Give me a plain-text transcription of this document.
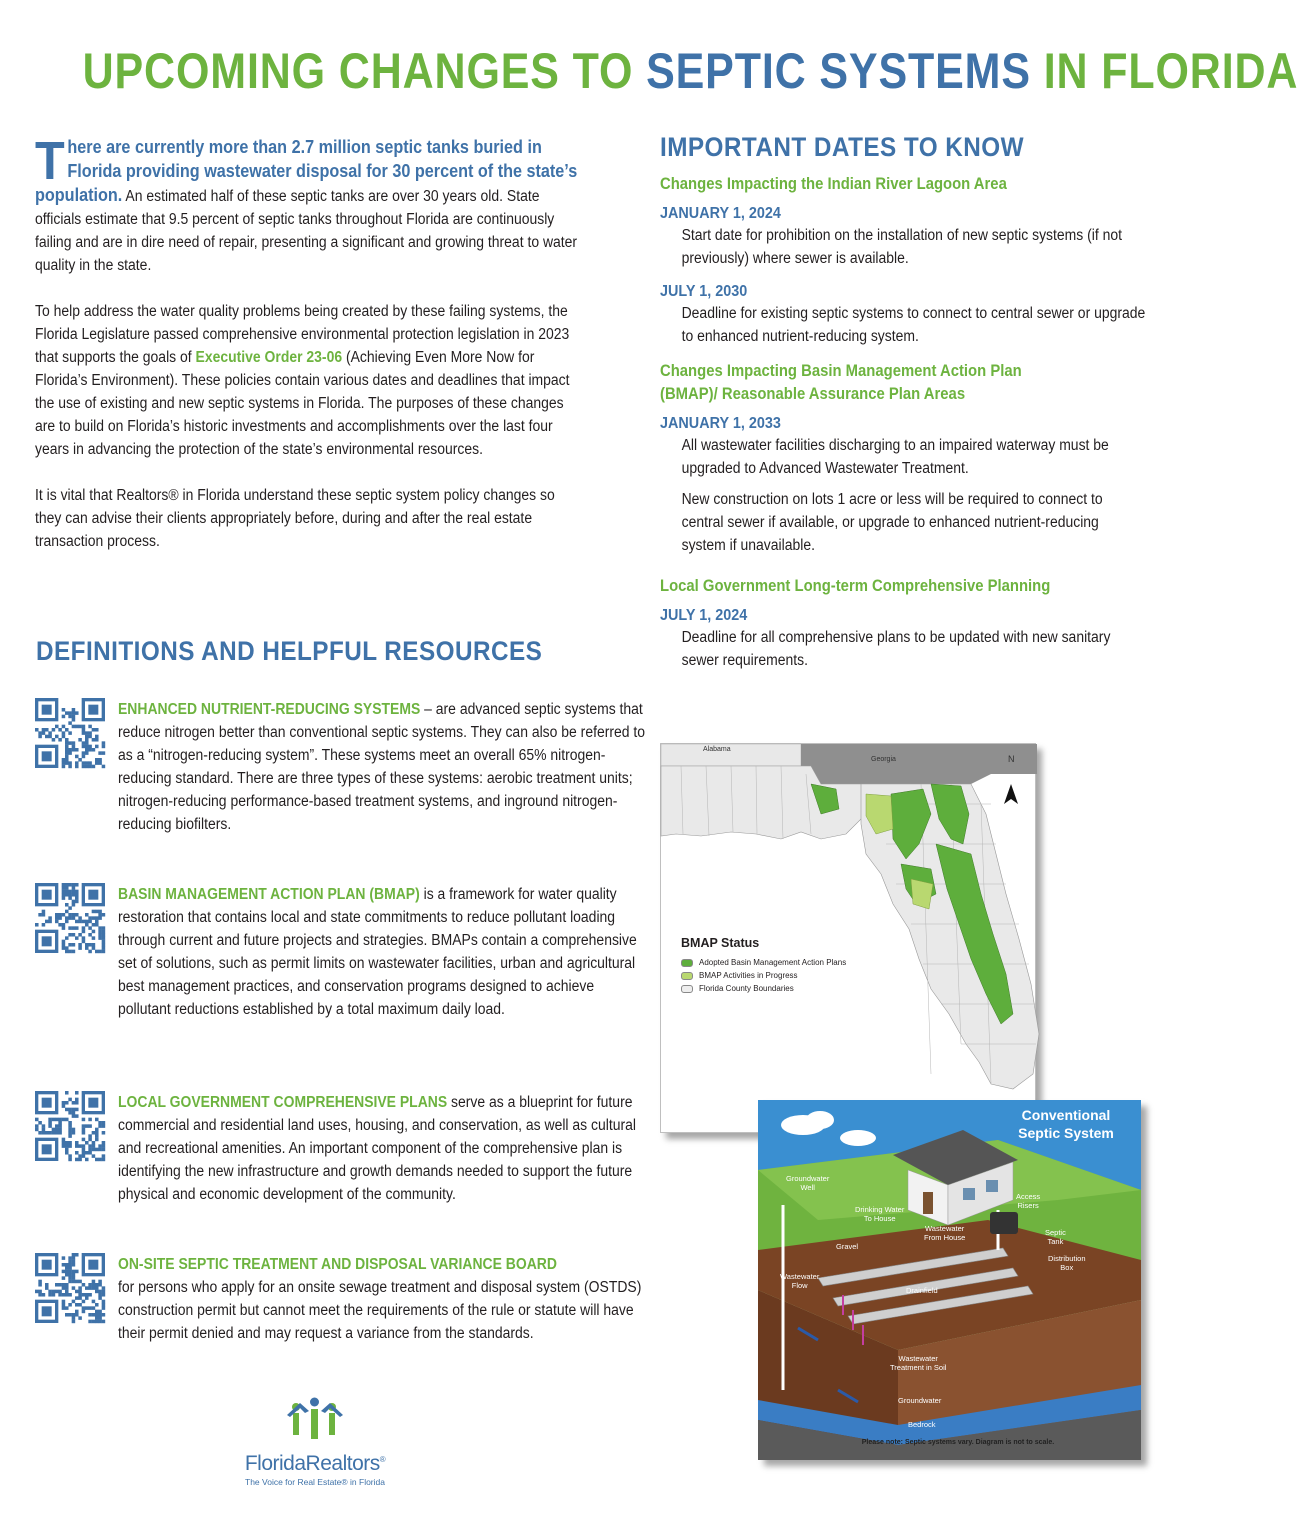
UPCOMING CHANGES TO SEPTIC SYSTEMS IN FLORIDA

There are currently more than 2.7 million septic tanks buried in Florida providing wastewater disposal for 30 percent of the state’s population. An estimated half of these septic tanks are over 30 years old. State officials estimate that 9.5 percent of septic tanks throughout Florida are continuously failing and are in dire need of repair, presenting a significant and growing threat to water quality in the state.

To help address the water quality problems being created by these failing systems, the Florida Legislature passed comprehensive environmental protection legislation in 2023 that supports the goals of Executive Order 23-06 (Achieving Even More Now for Florida’s Environment). These policies contain various dates and deadlines that impact the use of existing and new septic systems in Florida. The purposes of these changes are to build on Florida’s historic investments and accomplishments over the last four years in advancing the protection of the state’s environmental resources.

It is vital that Realtors® in Florida understand these septic system policy changes so they can advise their clients appropriately before, during and after the real estate transaction process.

DEFINITIONS AND HELPFUL RESOURCES
ENHANCED NUTRIENT-REDUCING SYSTEMS – are advanced septic systems that reduce nitrogen better than conventional septic systems. They can also be referred to as a “nitrogen-reducing system”. These systems meet an overall 65% nitrogen-reducing standard. There are three types of these systems: aerobic treatment units; nitrogen-reducing performance-based treatment systems, and inground nitrogen-reducing biofilters.
BASIN MANAGEMENT ACTION PLAN (BMAP) is a framework for water quality restoration that contains local and state commitments to reduce pollutant loading through current and future projects and strategies. BMAPs contain a comprehensive set of solutions, such as permit limits on wastewater facilities, urban and agricultural best management practices, and conservation programs designed to achieve pollutant reductions established by a total maximum daily load.
LOCAL GOVERNMENT COMPREHENSIVE PLANS serve as a blueprint for future commercial and residential land uses, housing, and conservation, as well as cultural and recreational amenities. An important component of the comprehensive plan is identifying the new infrastructure and growth demands needed to support the future physical and economic development of the community.
ON-SITE SEPTIC TREATMENT AND DISPOSAL VARIANCE BOARD
for persons who apply for an onsite sewage treatment and disposal system (OSTDS) construction permit but cannot meet the requirements of the rule or statute will have their permit denied and may request a variance from the standards.
IMPORTANT DATES TO KNOW
Changes Impacting the Indian River Lagoon Area
JANUARY 1, 2024
Start date for prohibition on the installation of new septic systems (if not previously) where sewer is available.
JULY 1, 2030
Deadline for existing septic systems to connect to central sewer or upgrade to enhanced nutrient-reducing system.
Changes Impacting Basin Management Action Plan (BMAP)/ Reasonable Assurance Plan Areas
JANUARY 1, 2033
All wastewater facilities discharging to an impaired waterway must be upgraded to Advanced Wastewater Treatment.
New construction on lots 1 acre or less will be required to connect to central sewer if available, or upgrade to enhanced nutrient-reducing system if unavailable.
Local Government Long-term Comprehensive Planning
JULY 1, 2024
Deadline for all comprehensive plans to be updated with new sanitary sewer requirements.
Alabama
Georgia	N
BMAP Status
Adopted Basin Management Action Plans
BMAP Activities in Progress
Florida County Boundaries
Conventional
Septic System
Groundwater
Well
Drinking Water
To House
Access
Risers
Wastewater
From House
Septic
Tank
Gravel
Distribution
Box
Wastewater
Flow
Drainfield
Wastewater
Treatment in Soil
Groundwater
Bedrock
Please note: Septic systems vary. Diagram is not to scale.
FloridaRealtors®
The Voice for Real Estate® in Florida
